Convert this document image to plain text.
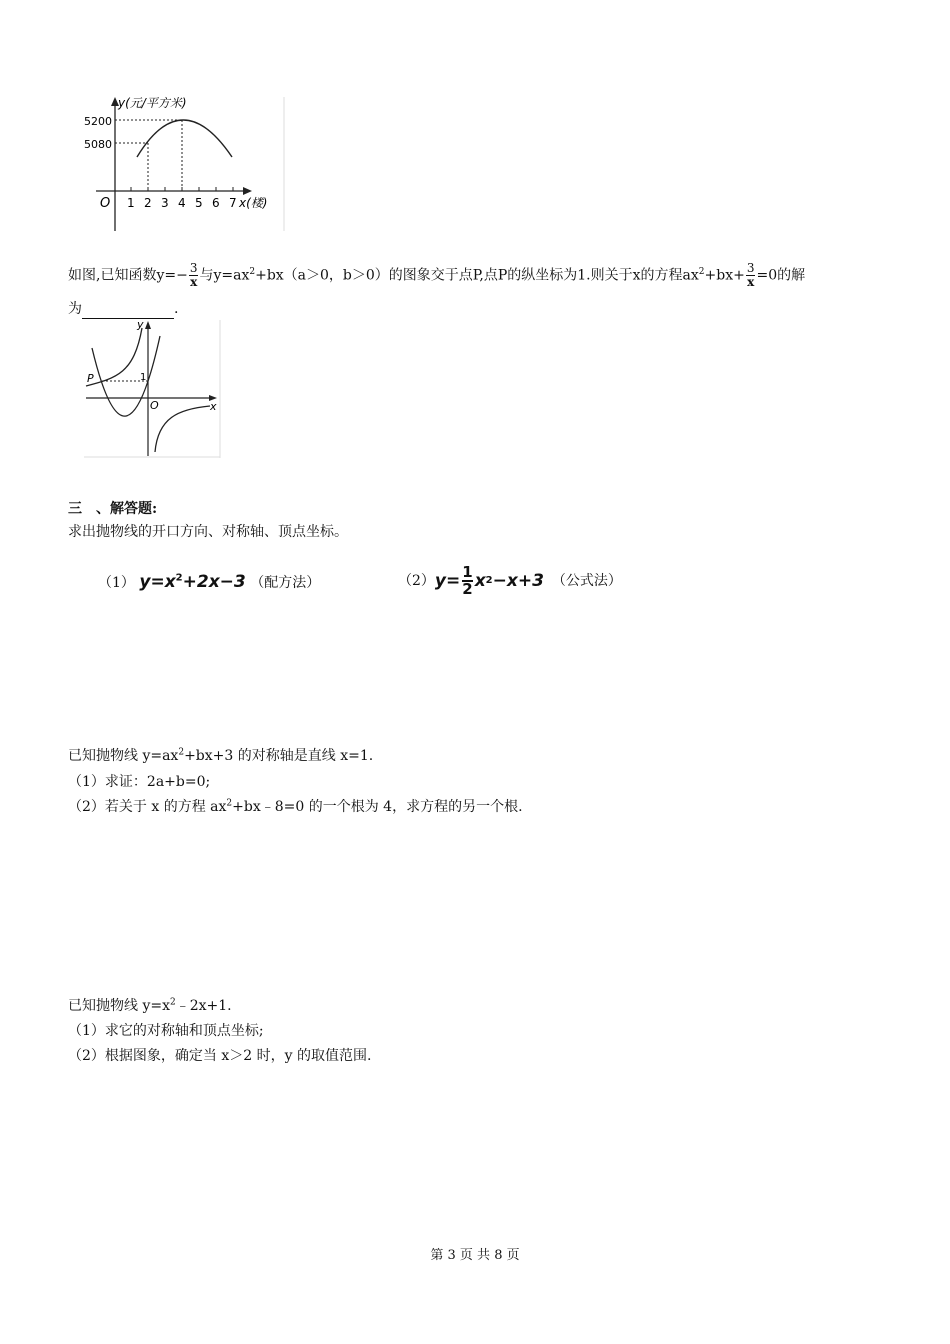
y(元/平方米)
5200
5080
O 1 2 3 4 5 6 7 x(楼)
如图,已知函数$y=- \frac{3}{x}$ 与$y=ax^2+bx(a>0$，b＞0）的图象交于点P,点P的纵坐标为1.则关于x的方程$ax^2+bx+ \frac{3}{x} =0$的解
为	.
y
x
O
P	1
三　、解答题:
求出抛物线的开口方向、对称轴、顶点坐标。
（1） $y=x^2+2x-3$ （配方法）	（2） $y= \frac{1}{2}$ x 2 −x+3 （公式法）
已知抛物线 $y=ax^2+bx+3$ 的对称轴是直线 x=1.
（1）求证：2a+b=0;
（2）若关于 x 的方程 $ax^2+bx﹣8=0$ 的一个根为 4，求方程的另一个根.
已知抛物线 $y=x^2﹣2x+1$.
（1）求它的对称轴和顶点坐标;
（2）根据图象，确定当 x＞2 时，y 的取值范围.
第 3 页 共 8 页
